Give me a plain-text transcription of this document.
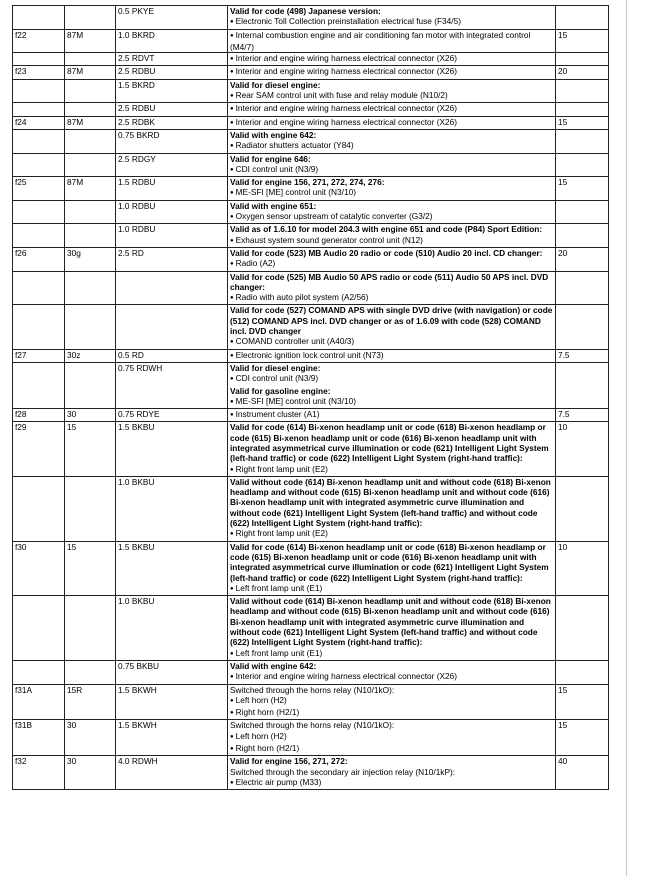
		0.5 PKYE	Valid for code (498) Japanese version:
● Electronic Toll Collection preinstallation electrical fuse (F34/5)

f22	87M	1.0 BKRD	● Internal combustion engine and air conditioning fan motor with integrated control (M4/7)	15
		2.5 RDVT	● Interior and engine wiring harness electrical connector (X26)

f23	87M	2.5 RDBU	● Interior and engine wiring harness electrical connector (X26)	20
		1.5 BKRD	Valid for diesel engine:
● Rear SAM control unit with fuse and relay module (N10/2)

		2.5 RDBU	● Interior and engine wiring harness electrical connector (X26)

f24	87M	2.5 RDBK	● Interior and engine wiring harness electrical connector (X26)	15
		0.75 BKRD	Valid with engine 642:
● Radiator shutters actuator (Y84)

		2.5 RDGY	Valid for engine 646:
● CDI control unit (N3/9)

f25	87M	1.5 RDBU	Valid for engine 156, 271, 272, 274, 276:
● ME-SFI [ME] control unit (N3/10)	15
		1.0 RDBU	Valid with engine 651:
● Oxygen sensor upstream of catalytic converter (G3/2)

		1.0 RDBU	Valid as of 1.6.10 for model 204.3 with engine 651 and code (P84) Sport Edition:
● Exhaust system sound generator control unit (N12)

f26	30g	2.5 RD	Valid for code (523) MB Audio 20 radio or code (510) Audio 20 incl. CD changer:
● Radio (A2)	20

			Valid for code (525) MB Audio 50 APS radio or code (511) Audio 50 APS incl. DVD changer:
● Radio with auto pilot system (A2/56)

			Valid for code (527) COMAND APS with single DVD drive (with navigation) or code (512) COMAND APS incl. DVD changer or as of 1.6.09 with code (528) COMAND incl. DVD changer
● COMAND controller unit (A40/3)

f27	30z	0.5 RD	● Electronic ignition lock control unit (N73)	7.5
		0.75 RDWH	Valid for diesel engine:
● CDI control unit (N3/9)
Valid for gasoline engine:
● ME-SFI [ME] control unit (N3/10)

f28	30	0.75 RDYE	● Instrument cluster (A1)	7.5
f29	15	1.5 BKBU	Valid for code (614) Bi-xenon headlamp unit or code (618) Bi-xenon headlamp or code (615) Bi-xenon headlamp unit or code (616) Bi-xenon headlamp unit with integrated asymmetrical curve illumination or code (621) Intelligent Light System (left-hand traffic) or code (622) Intelligent Light System (right-hand traffic):
● Right front lamp unit (E2)	10
		1.0 BKBU	Valid without code (614) Bi-xenon headlamp unit and without code (618) Bi-xenon headlamp and without code (615) Bi-xenon headlamp unit and without code (616) Bi-xenon headlamp unit with integrated asymmetric curve illumination and without code (621) Intelligent Light System (left-hand traffic) and without code (622) Intelligent Light System (right-hand traffic):
● Right front lamp unit (E2)

f30	15	1.5 BKBU	Valid for code (614) Bi-xenon headlamp unit or code (618) Bi-xenon headlamp or code (615) Bi-xenon headlamp unit or code (616) Bi-xenon headlamp unit with integrated asymmetrical curve illumination or code (621) Intelligent Light System (left-hand traffic) or code (622) Intelligent Light System (right-hand traffic):
● Left front lamp unit (E1)	10
		1.0 BKBU	Valid without code (614) Bi-xenon headlamp unit and without code (618) Bi-xenon headlamp and without code (615) Bi-xenon headlamp unit and without code (616) Bi-xenon headlamp unit with integrated asymmetric curve illumination and without code (621) Intelligent Light System (left-hand traffic) and without code (622) Intelligent Light System (right-hand traffic):
● Left front lamp unit (E1)

		0.75 BKBU	Valid with engine 642:
● Interior and engine wiring harness electrical connector (X26)

f31A	15R	1.5 BKWH	Switched through the horns relay (N10/1kO):
● Left horn (H2)
● Right horn (H2/1)	15
f31B	30	1.5 BKWH	Switched through the horns relay (N10/1kO):
● Left horn (H2)
● Right horn (H2/1)	15
f32	30	4.0 RDWH	Valid for engine 156, 271, 272:
Switched through the secondary air injection relay (N10/1kP):
● Electric air pump (M33)	40
